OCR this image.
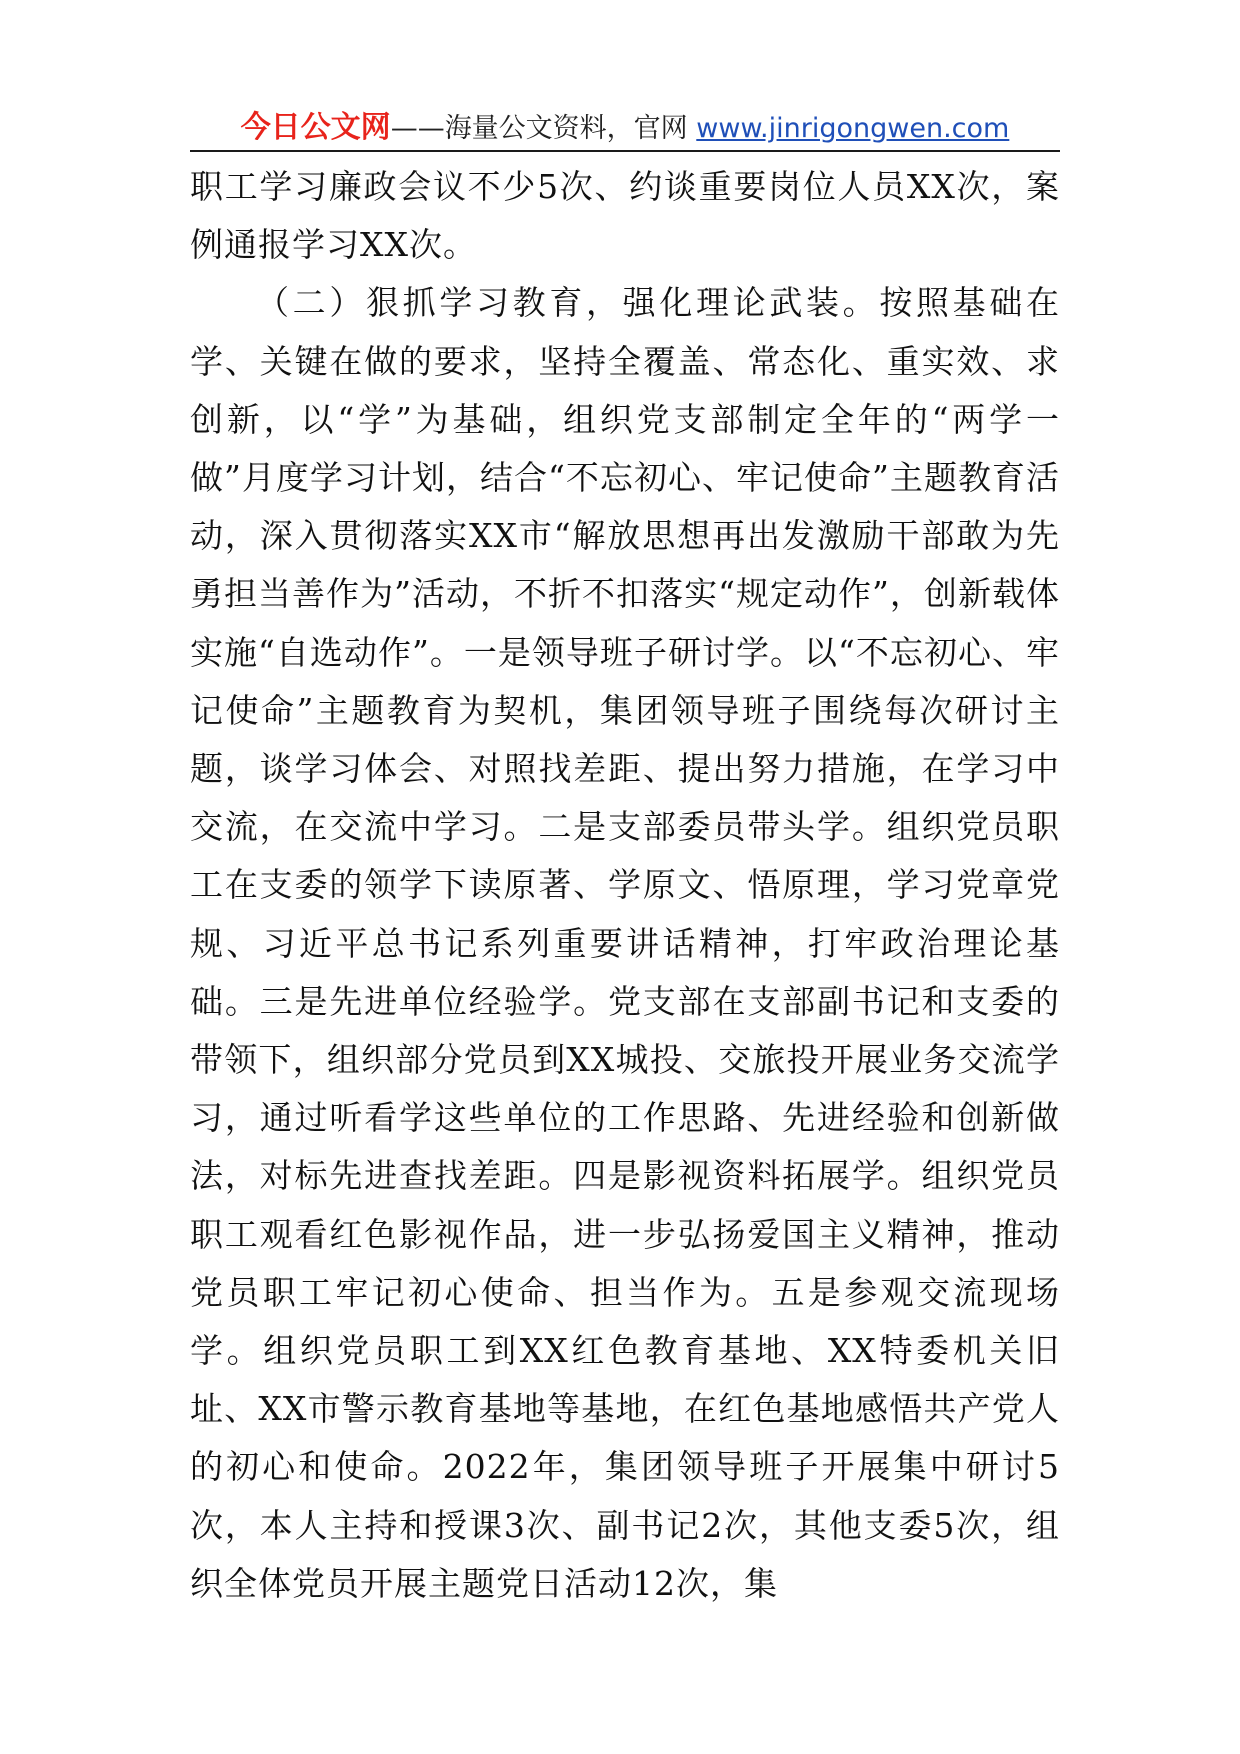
今日公文网——海量公文资料，官网 www.jinrigongwen.com

职工学习廉政会议不少5次、约谈重要岗位人员XX次，案例通报学习XX次。

（二）狠抓学习教育，强化理论武装。按照基础在学、关键在做的要求，坚持全覆盖、常态化、重实效、求创新，以“学”为基础，组织党支部制定全年的“两学一做”月度学习计划，结合“不忘初心、牢记使命”主题教育活动，深入贯彻落实XX市“解放思想再出发激励干部敢为先勇担当善作为”活动，不折不扣落实“规定动作”，创新载体实施“自选动作”。一是领导班子研讨学。以“不忘初心、牢记使命”主题教育为契机，集团领导班子围绕每次研讨主题，谈学习体会、对照找差距、提出努力措施，在学习中交流，在交流中学习。二是支部委员带头学。组织党员职工在支委的领学下读原著、学原文、悟原理，学习党章党规、习近平总书记系列重要讲话精神，打牢政治理论基础。三是先进单位经验学。党支部在支部副书记和支委的带领下，组织部分党员到XX城投、交旅投开展业务交流学习，通过听看学这些单位的工作思路、先进经验和创新做法，对标先进查找差距。四是影视资料拓展学。组织党员职工观看红色影视作品，进一步弘扬爱国主义精神，推动党员职工牢记初心使命、担当作为。五是参观交流现场学。组织党员职工到XX红色教育基地、XX特委机关旧址、XX市警示教育基地等基地，在红色基地感悟共产党人的初心和使命。2022年，集团领导班子开展集中研讨5次，本人主持和授课3次、副书记2次，其他支委5次，组织全体党员开展主题党日活动12次，集
